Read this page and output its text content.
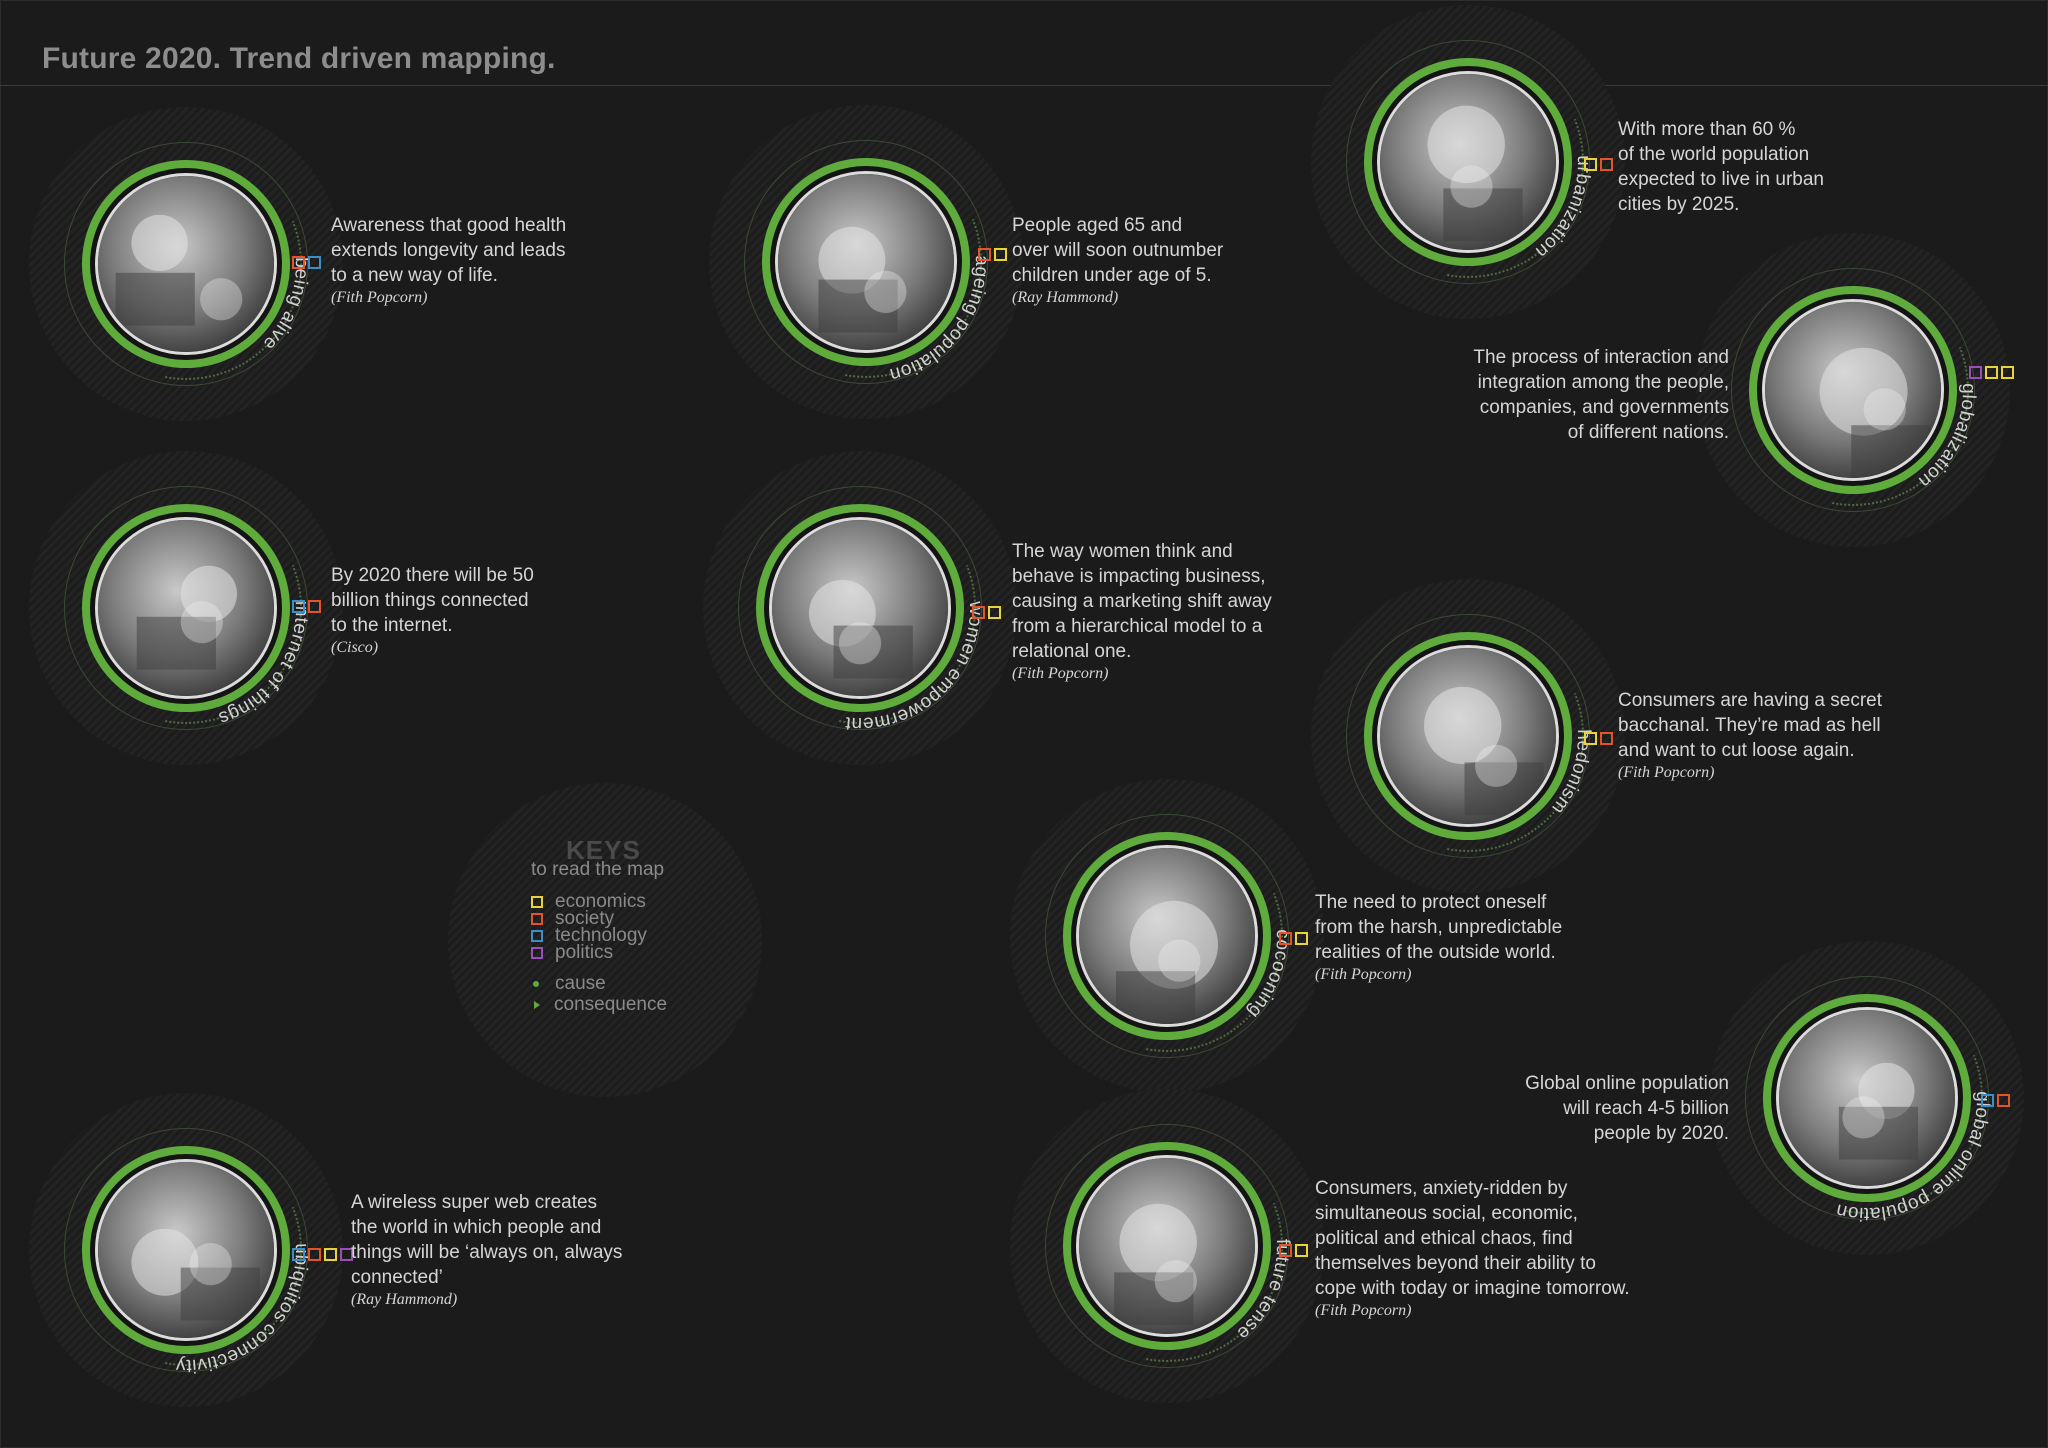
Future 2020. Trend driven mapping.
being alive

Awareness that good health
extends longevity and leads
to a new way of life.

(Fith Popcorn)
ageing population

People aged 65 and
over will soon outnumber
children under age of 5.

(Ray Hammond)
urbanization

With more than 60 %
of the world population
expected to live in urban
cities by 2025.

globalization

The process of interaction and
integration among the people,
companies, and governments
of different nations.

internet of things

By 2020 there will be 50
billion things connected
to the internet.

(Cisco)
women empowerment

The way women think and
behave is impacting business,
causing a marketing shift away
from a hierarchical model to a
relational one.

(Fith Popcorn)
hedonism

Consumers are having a secret
bacchanal. They’re mad as hell
and want to cut loose again.

(Fith Popcorn)
cocooning

The need to protect oneself
from the harsh, unpredictable
realities of the outside world.

(Fith Popcorn)
global online population

Global online population
will reach 4-5 billion
people by 2020.

ubiquitos connectivity

A wireless super web creates
the world in which people and
things will be ‘always on, always
connected’

(Ray Hammond)
future tense

Consumers, anxiety-ridden by
simultaneous social, economic,
political and ethical chaos, find
themselves beyond their ability to
cope with today or imagine tomorrow.

(Fith Popcorn)
KEYS
to read the map
economics
society
technology
politics
cause
consequence
